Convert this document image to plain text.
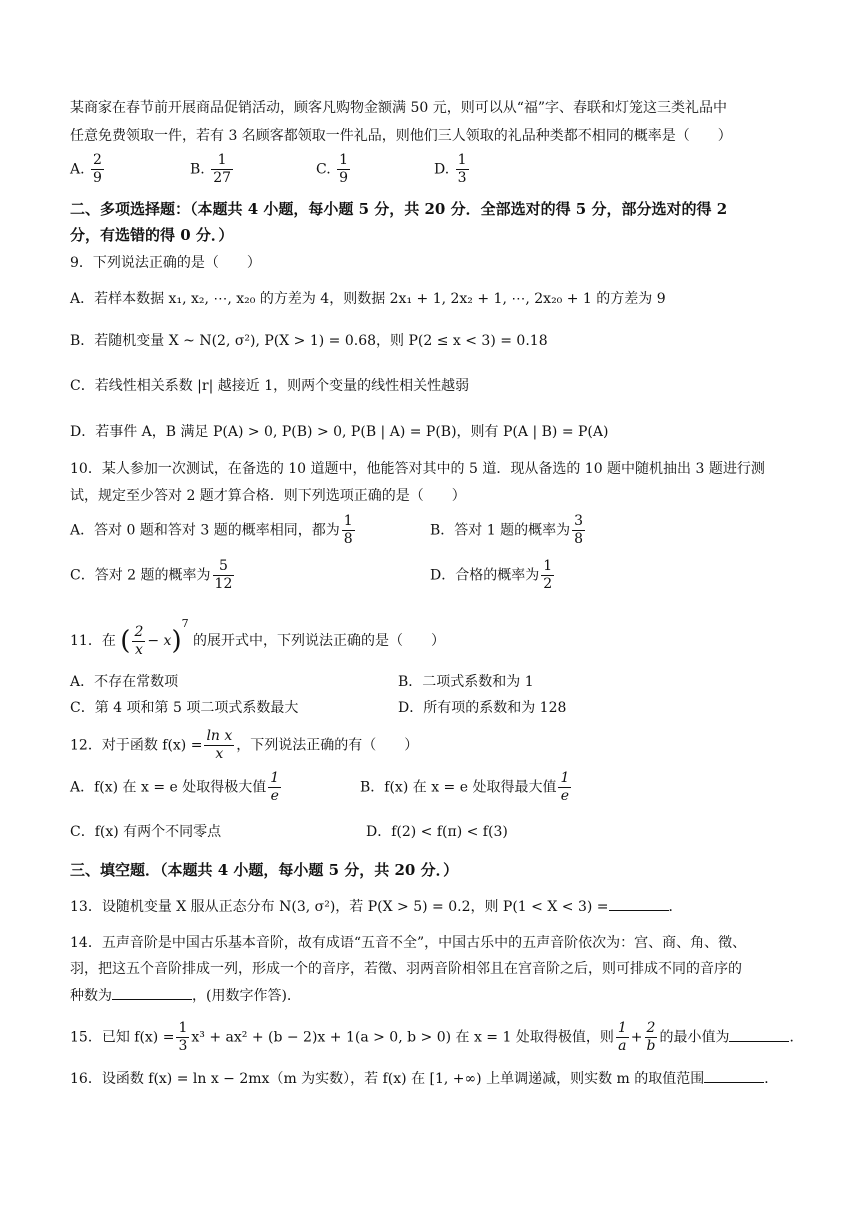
某商家在春节前开展商品促销活动，顾客凡购物金额满 50 元，则可以从“福”字、春联和灯笼这三类礼品中
任意免费领取一件，若有 3 名顾客都领取一件礼品，则他们三人领取的礼品种类都不相同的概率是（　　）
A. $\frac{2}{9}$	B. $\frac{1}{27}$	C. $\frac{1}{9}$	D. $\frac{1}{3}$
二、多项选择题：（本题共 4 小题，每小题 5 分，共 20 分．全部选对的得 5 分，部分选对的得 2
分，有选错的得 0 分．）
9．下列说法正确的是（　　）
A．若样本数据 x₁, x₂, ⋯, x₂₀ 的方差为 4，则数据 2x₁ + 1, 2x₂ + 1, ⋯, 2x₂₀ + 1 的方差为 9
B．若随机变量 X ~ N(2, σ²), P(X > 1) = 0.68，则 P(2 ≤ x < 3) = 0.18
C．若线性相关系数 |r| 越接近 1，则两个变量的线性相关性越弱
D．若事件 A，B 满足 P(A) > 0, P(B) > 0, P(B | A) = P(B)，则有 P(A | B) = P(A)
10．某人参加一次测试，在备选的 10 道题中，他能答对其中的 5 道．现从备选的 10 题中随机抽出 3 题进行测
试，规定至少答对 2 题才算合格．则下列选项正确的是（　　）
A．答对 0 题和答对 3 题的概率相同，都为 $\frac{1}{8}$	B．答对 1 题的概率为 $\frac{3}{8}$
C．答对 2 题的概率为 $\frac{5}{12}$	D．合格的概率为 $\frac{1}{2}$
11．在 ( $\frac{2}{x} - x)^7$ 的展开式中，下列说法正确的是（　　）
A．不存在常数项	B．二项式系数和为 1
C．第 4 项和第 5 项二项式系数最大	D．所有项的系数和为 128
12．对于函数 $f(x) = \frac{\text{ln x}}{x}$ ，下列说法正确的有（　　）
A．f(x) 在 x = e 处取得极大值 $\frac{1}{e}$	B．f(x) 在 x = e 处取得最大值 $\frac{1}{e}$
C．f(x) 有两个不同零点	D．f(2) < f(π) < f(3)
三、填空题．（本题共 4 小题，每小题 5 分，共 20 分．）
13．设随机变量 X 服从正态分布 N(3, σ²)，若 P(X > 5) = 0.2，则 P(1 < X < 3) =	．
14．五声音阶是中国古乐基本音阶，故有成语“五音不全”，中国古乐中的五声音阶依次为：宫、商、角、徵、
羽，把这五个音阶排成一列，形成一个的音序，若徵、羽两音阶相邻且在宫音阶之后，则可排成不同的音序的
种数为	，(用数字作答).
15．已知 $f(x) = \frac{1}{3} x^3 + ax^2 + (b - 2)x + 1(a > 0$, b > 0) 在 x = 1 处取得极值，则 $\frac{1}{a} + \frac{2}{b}$ 的最小值为	．
16．设函数 f(x) = ln x − 2mx（m 为实数），若 f(x) 在 [1, +∞) 上单调递减，则实数 m 的取值范围	．
